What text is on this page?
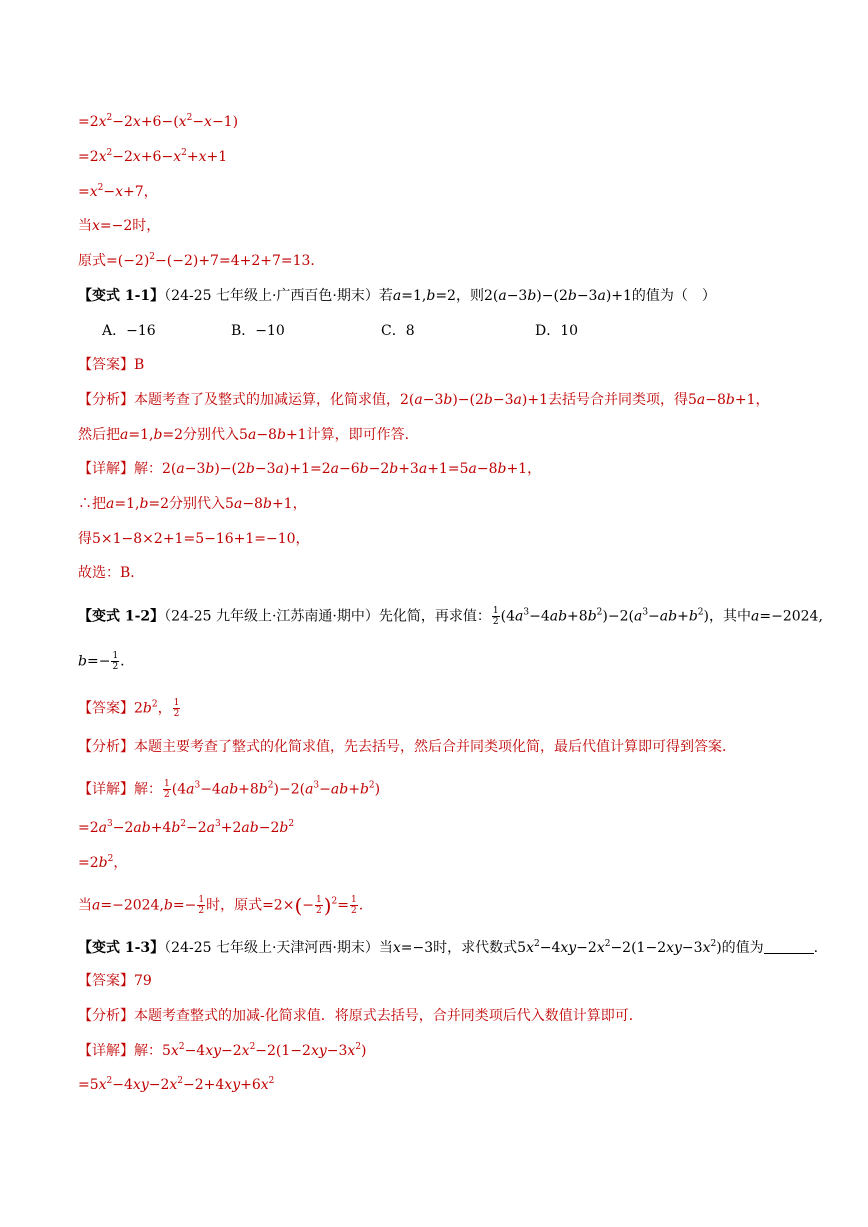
$=2x^2-2x+6-(x^2-x-1)$
$=2x^2-2x+6-x^2+x+1$
$=x^2-x+7$，
当x=−2时，
原式$=(-2)^2-(-2)+7=4+2+7=13$．
【变式 1-1】（24-25 七年级上·广西百色·期末）若a=1,b=2，则2(a−3b)−(2b−3a)+1的值为（　）
A．−16	B．−10	C．8	D．10
【答案】B
【分析】本题考查了及整式的加减运算，化简求值，2(a−3b)−(2b−3a)+1去括号合并同类项，得5a−8b+1，
然后把a=1,b=2分别代入5a−8b+1计算，即可作答．
【详解】解：2(a−3b)−(2b−3a)+1=2a−6b−2b+3a+1=5a−8b+1，
∴把a=1,b=2分别代入5a−8b+1，
得5×1−8×2+1=5−16+1=−10，
故选：B．
【变式 1-2】（24-25 九年级上·江苏南通·期中）先化简，再求值： $\frac{1}{2} (4a^3-4ab+8b^2)-2(a^3-ab+b^2)$，其中a=−2024,
$b=- \frac{1}{2}$ .
【答案】$2b^2$， $\frac{1}{2}$
【分析】本题主要考查了整式的化简求值，先去括号，然后合并同类项化简，最后代值计算即可得到答案．
【详解】解： $\frac{1}{2} (4a^3-4ab+8b^2)-2(a^3-ab+b^2)$
$=2a^3-2ab+4b^2-2a^3+2ab-2b^2$
$=2b^2$，
当$a=-2024,b=- \frac{1}{2}$ 时，原式$=2\times(- \frac{1}{2} )^2= \frac{1}{2}$ .
【变式 1-3】（24-25 七年级上·天津河西·期末）当x=−3时，求代数式$5x^2-4xy-2x^2-2(1-2xy-3x^2)$的值为	.
【答案】79
【分析】本题考查整式的加减-化简求值．将原式去括号，合并同类项后代入数值计算即可．
【详解】解：$5x^2-4xy-2x^2-2(1-2xy-3x^2)$
$=5x^2-4xy-2x^2-2+4xy+6x^2$
